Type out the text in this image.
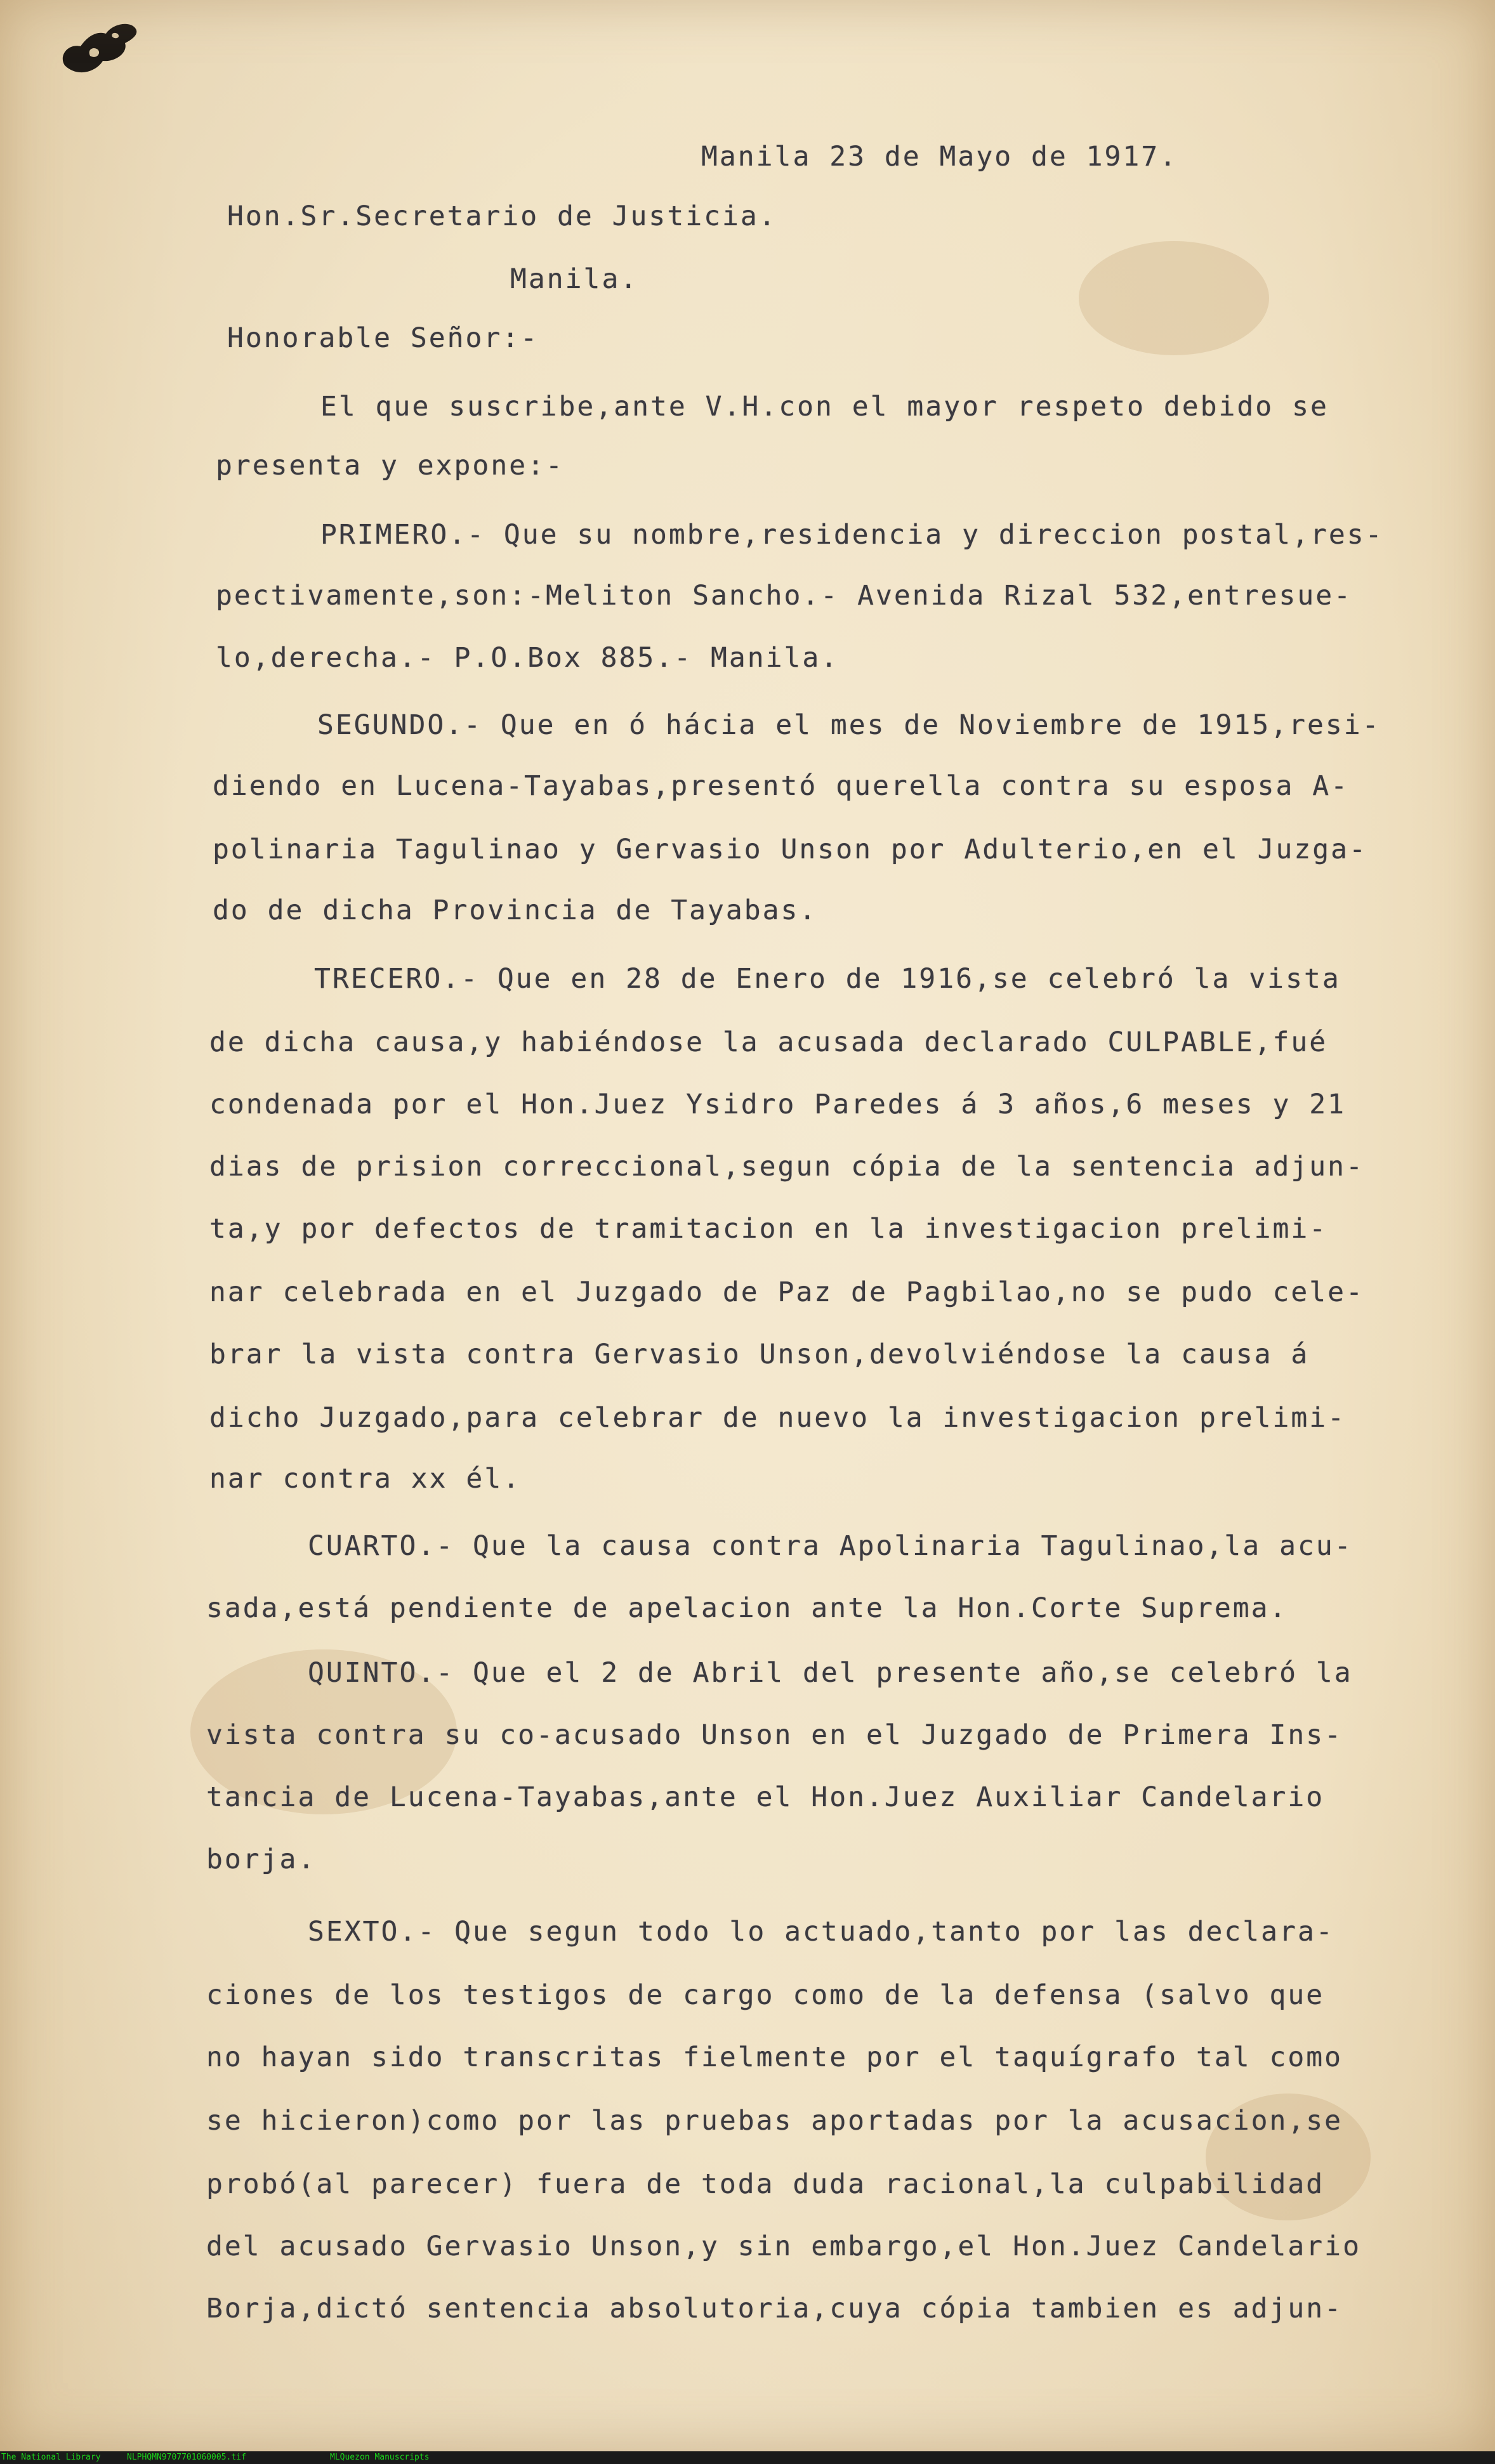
Manila 23 de Mayo de 1917.
Hon.Sr.Secretario de Justicia.
Manila.
Honorable Señor:-
El que suscribe,ante V.H.con el mayor respeto debido se
presenta y expone:-
PRIMERO.- Que su nombre,residencia y direccion postal,res-
pectivamente,son:-Meliton Sancho.- Avenida Rizal 532,entresue-
lo,derecha.- P.O.Box 885.- Manila.
SEGUNDO.- Que en ó hácia el mes de Noviembre de 1915,resi-
diendo en Lucena-Tayabas,presentó querella contra su esposa A-
polinaria Tagulinao y Gervasio Unson por Adulterio,en el Juzga-
do de dicha Provincia de Tayabas.
TRECERO.- Que en 28 de Enero de 1916,se celebró la vista
de dicha causa,y habiéndose la acusada declarado CULPABLE,fué
condenada por el Hon.Juez Ysidro Paredes á 3 años,6 meses y 21
dias de prision correccional,segun cópia de la sentencia adjun-
ta,y por defectos de tramitacion en la investigacion prelimi-
nar celebrada en el Juzgado de Paz de Pagbilao,no se pudo cele-
brar la vista contra Gervasio Unson,devolviéndose la causa á
dicho Juzgado,para celebrar de nuevo la investigacion prelimi-
nar contra xx él.
CUARTO.- Que la causa contra Apolinaria Tagulinao,la acu-
sada,está pendiente de apelacion ante la Hon.Corte Suprema.
QUINTO.- Que el 2 de Abril del presente año,se celebró la
vista contra su co-acusado Unson en el Juzgado de Primera Ins-
tancia de Lucena-Tayabas,ante el Hon.Juez Auxiliar Candelario
borja.
SEXTO.- Que segun todo lo actuado,tanto por las declara-
ciones de los testigos de cargo como de la defensa (salvo que
no hayan sido transcritas fielmente por el taquígrafo tal como
se hicieron)como por las pruebas aportadas por la acusacion,se
probó(al parecer) fuera de toda duda racional,la culpabilidad
del acusado Gervasio Unson,y sin embargo,el Hon.Juez Candelario
Borja,dictó sentencia absolutoria,cuya cópia tambien es adjun-
The National Library	NLPHQMN9707701060005.tif	MLQuezon Manuscripts
